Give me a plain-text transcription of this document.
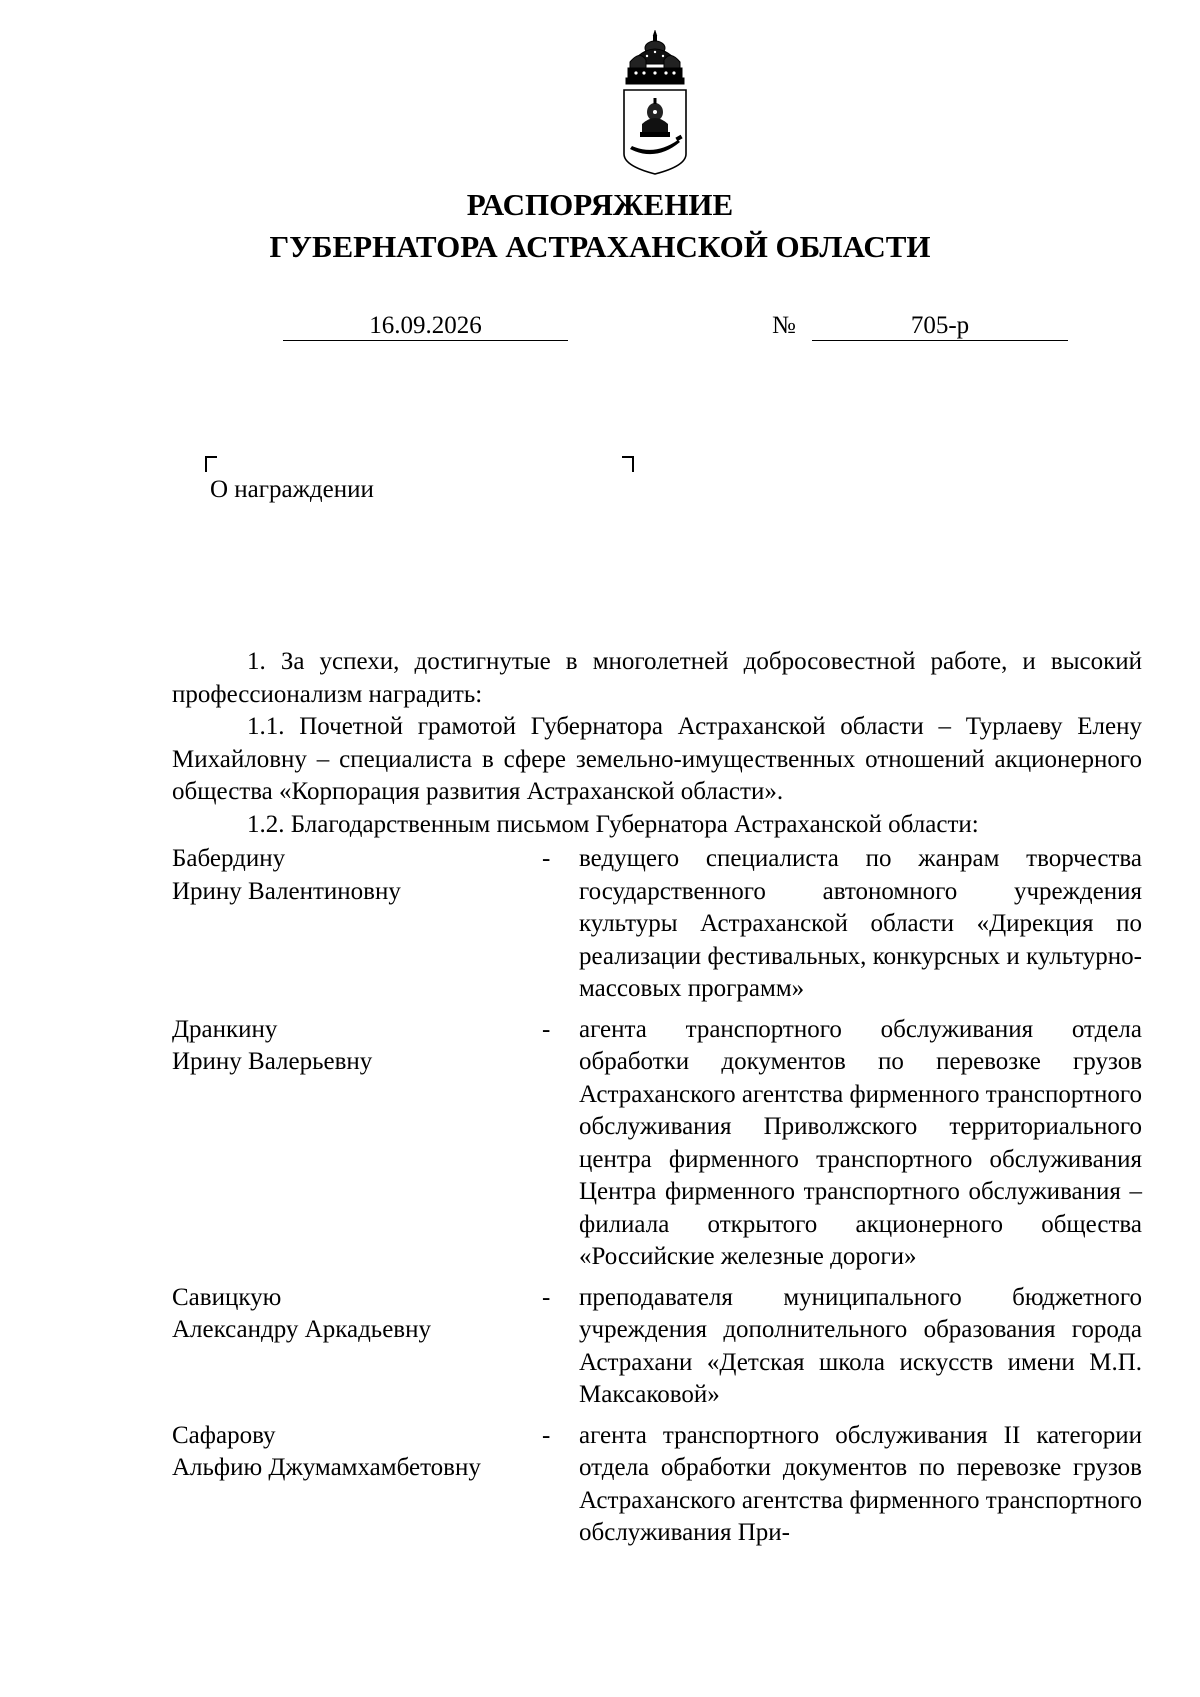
РАСПОРЯЖЕНИЕ
ГУБЕРНАТОРА АСТРАХАНСКОЙ ОБЛАСТИ
16.09.2026	№	705-р
О награждении

1. За успехи, достигнутые в многолетней добросовестной работе, и высокий профессионализм наградить:

1.1. Почетной грамотой Губернатора Астраханской области – Турлаеву Елену Михайловну – специалиста в сфере земельно-имущественных отношений акционерного общества «Корпорация развития Астраханской области».

1.2. Благодарственным письмом Губернатора Астраханской области:

Бабердину
Ирину Валентиновну
-	ведущего специалиста по жанрам творчества государственного автономного учреждения культуры Астраханской области «Дирекция по реализации фестивальных, конкурсных и культурно-массовых программ»
Дранкину
Ирину Валерьевну
-	агента транспортного обслуживания отдела обработки документов по перевозке грузов Астраханского агентства фирменного транспортного обслуживания Приволжского территориального центра фирменного транспортного обслуживания Центра фирменного транспортного обслуживания – филиала открытого акционерного общества «Российские железные дороги»
Савицкую
Александру Аркадьевну
-	преподавателя муниципального бюджетного учреждения дополнительного образования города Астрахани «Детская школа искусств имени М.П. Максаковой»
Сафарову
Альфию Джумамхамбетовну
-	агента транспортного обслуживания II категории отдела обработки документов по перевозке грузов Астраханского агентства фирменного транспортного обслуживания При-
